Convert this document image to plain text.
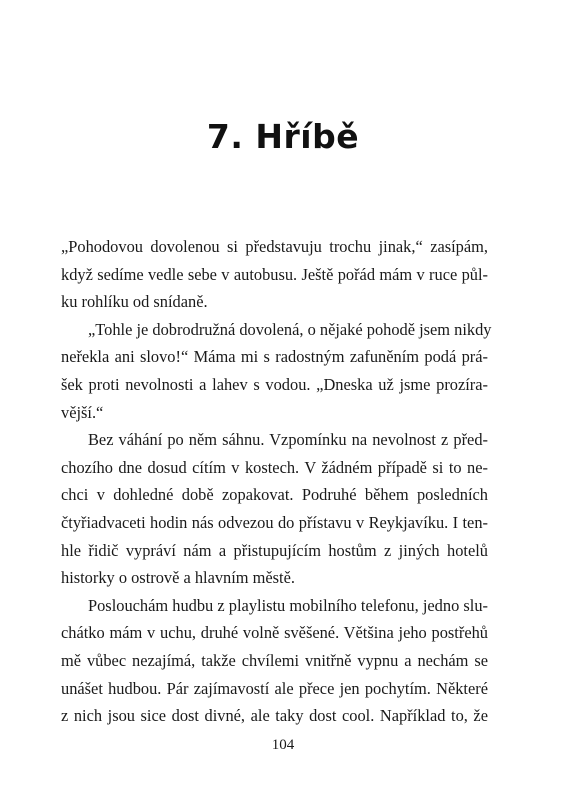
7. Hříbě

„Pohodovou dovolenou si představuju trochu jinak,“ zasípám,
když sedíme vedle sebe v autobusu. Ještě pořád mám v ruce půl-
ku rohlíku od snídaně.

„Tohle je dobrodružná dovolená, o nějaké pohodě jsem nikdy
neřekla ani slovo!“ Máma mi s radostným zafuněním podá prá-
šek proti nevolnosti a lahev s vodou. „Dneska už jsme prozíra-
vější.“

Bez váhání po něm sáhnu. Vzpomínku na nevolnost z před-
chozího dne dosud cítím v kostech. V žádném případě si to ne-
chci v dohledné době zopakovat. Podruhé během posledních
čtyřiadvaceti hodin nás odvezou do přístavu v Reykjavíku. I ten-
hle řidič vypráví nám a přistupujícím hostům z jiných hotelů
historky o ostrově a hlavním městě.

Poslouchám hudbu z playlistu mobilního telefonu, jedno slu-
chátko mám v uchu, druhé volně svěšené. Většina jeho postřehů
mě vůbec nezajímá, takže chvílemi vnitřně vypnu a nechám se
unášet hudbou. Pár zajímavostí ale přece jen pochytím. Některé
z nich jsou sice dost divné, ale taky dost cool. Například to, že

104
